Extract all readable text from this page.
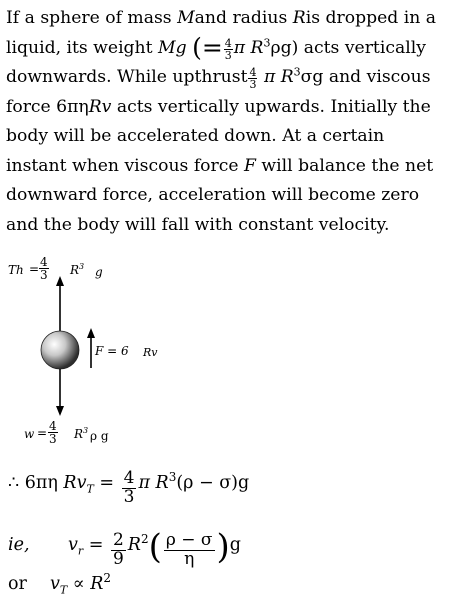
If a sphere of mass Mand radius Ris dropped in a
liquid, its weight Mg (= $\frac{4}{3}$ π $R^3\rho g$) acts vertically
downwards. While upthrust $\frac{4}{3}$ π $R^3\sigma g$ and viscous
force 6πηRv acts vertically upwards. Initially the
body will be accelerated down. At a certain
instant when viscous force F will balance the net
downward force, acceleration will become zero
and the body will fall with constant velocity.
$Th = \frac{4}{3} R^3$ g
F = 6 Rv
$w = \frac{4}{3} R^3$ ρ g
∴ 6πη $Rv_T = \frac{4}{3}$ π $R^3(\rho - \sigma)g$
ie, $v_r = \frac{2}{9} R^2( \frac{\rho - \sigma}{\eta} )g$
or $v_T \propto R^2$
